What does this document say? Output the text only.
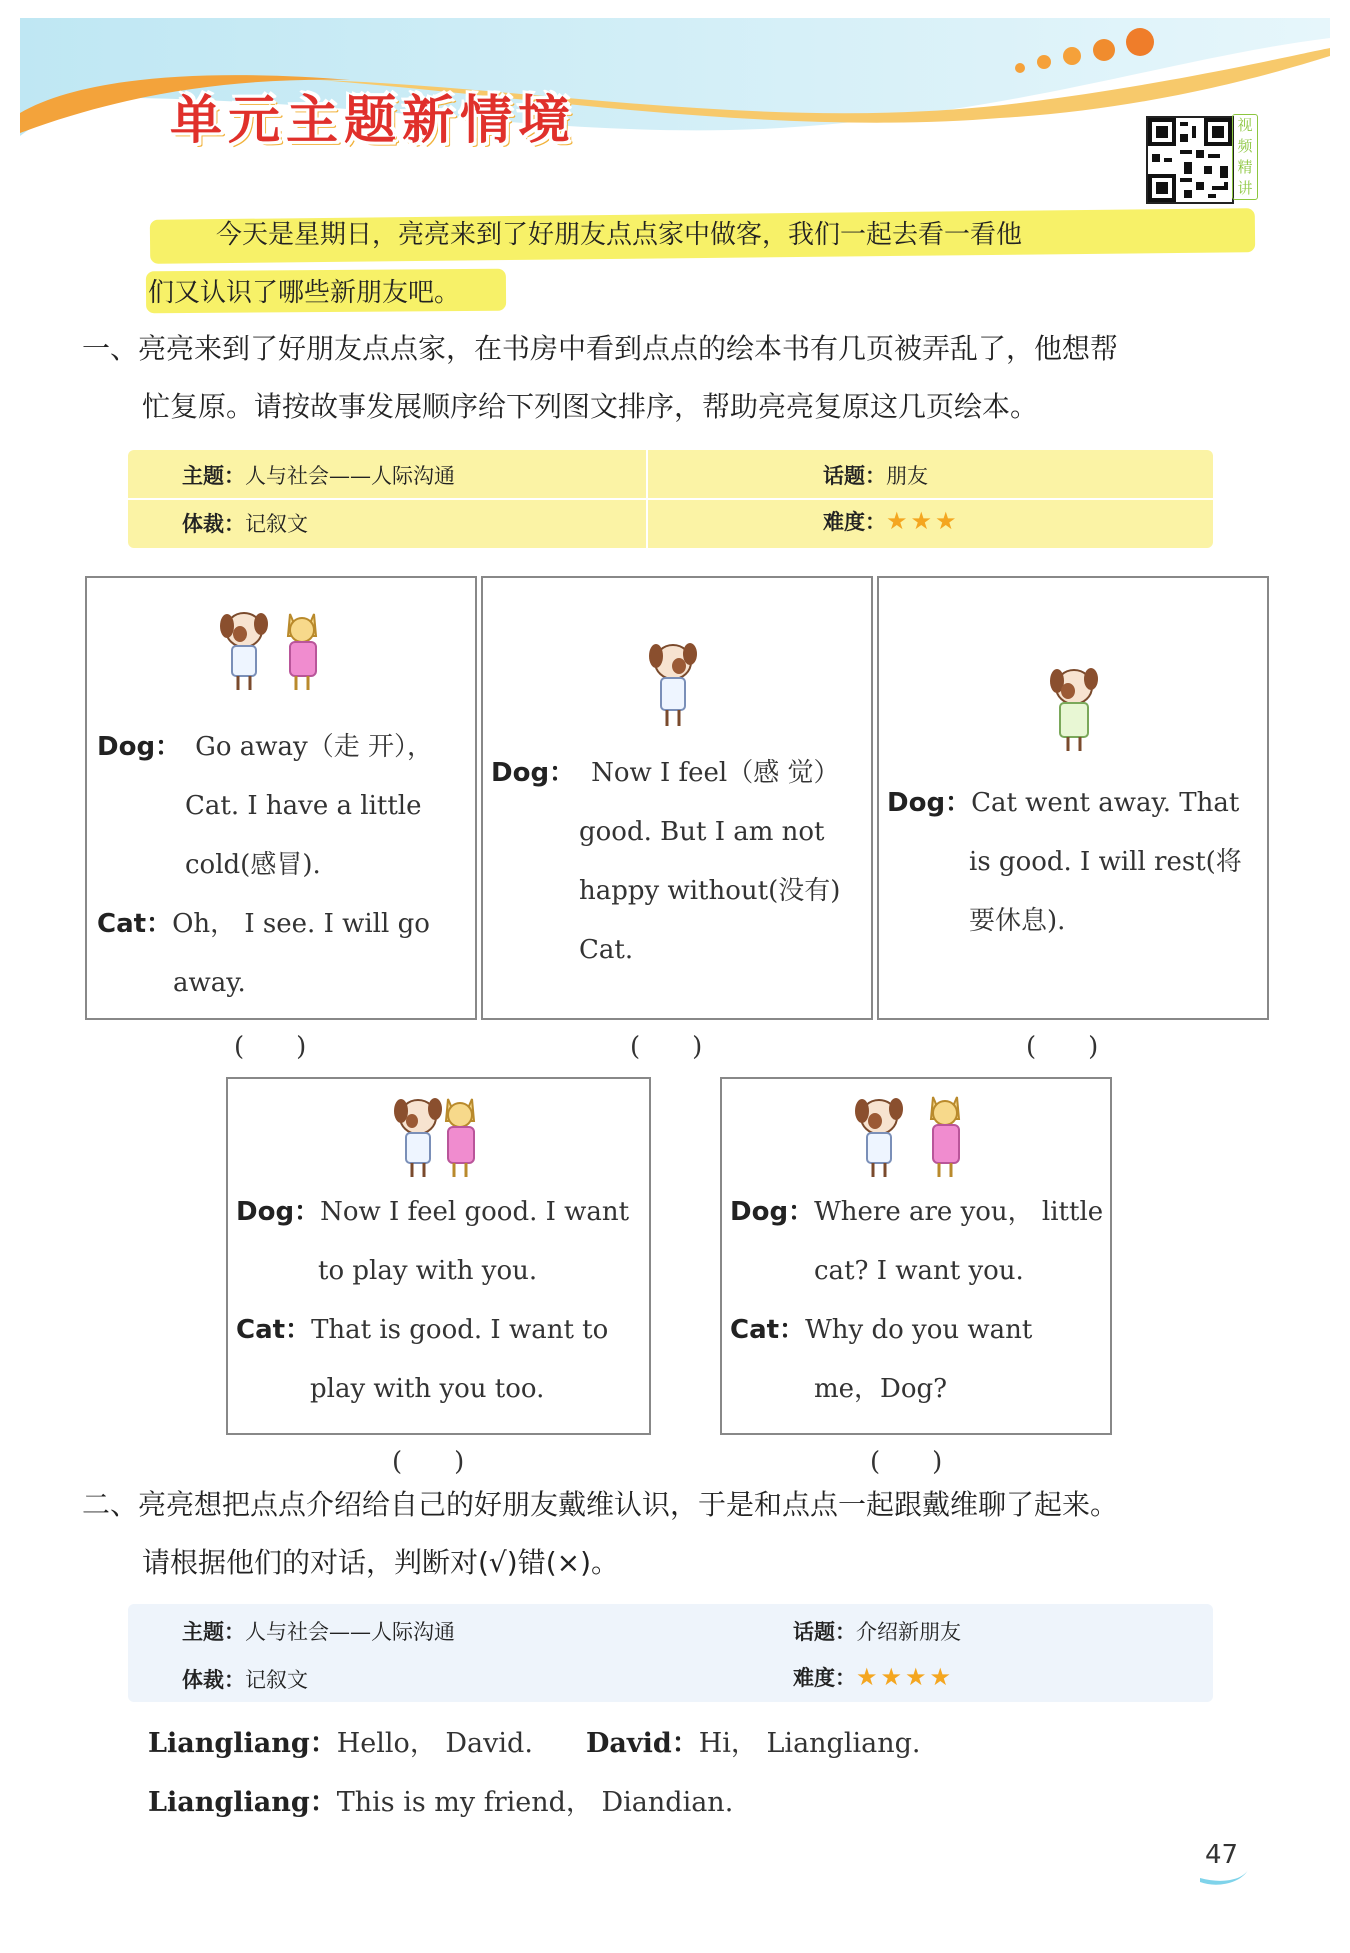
单元主题新情境	视频精讲
今天是星期日，亮亮来到了好朋友点点家中做客，我们一起去看一看他
们又认识了哪些新朋友吧。
一、亮亮来到了好朋友点点家，在书房中看到点点的绘本书有几页被弄乱了，他想帮
忙复原。请按故事发展顺序给下列图文排序，帮助亮亮复原这几页绘本。
主题：人与社会——人际沟通	话题：朋友
体裁：记叙文	难度：★★★
Dog： Go away（走 开），
Cat. I have a little
cold(感冒).
Cat：Oh， I see. I will go
away.
(　　)
Dog： Now I feel（感 觉）
good. But I am not
happy without(没有)
Cat.
(　　)
Dog：Cat went away. That
is good. I will rest(将
要休息).
(　　)
Dog：Now I feel good. I want
to play with you.
Cat：That is good. I want to
play with you too.
(　　)
Dog：Where are you， little
cat? I want you.
Cat：Why do you want
me，Dog?
(　　)
二、亮亮想把点点介绍给自己的好朋友戴维认识，于是和点点一起跟戴维聊了起来。
请根据他们的对话，判断对(√)错(×)。
主题：人与社会——人际沟通	话题：介绍新朋友
体裁：记叙文	难度：★★★★
Liangliang：Hello， David. David：Hi， Liangliang.
Liangliang：This is my friend， Diandian.
47
